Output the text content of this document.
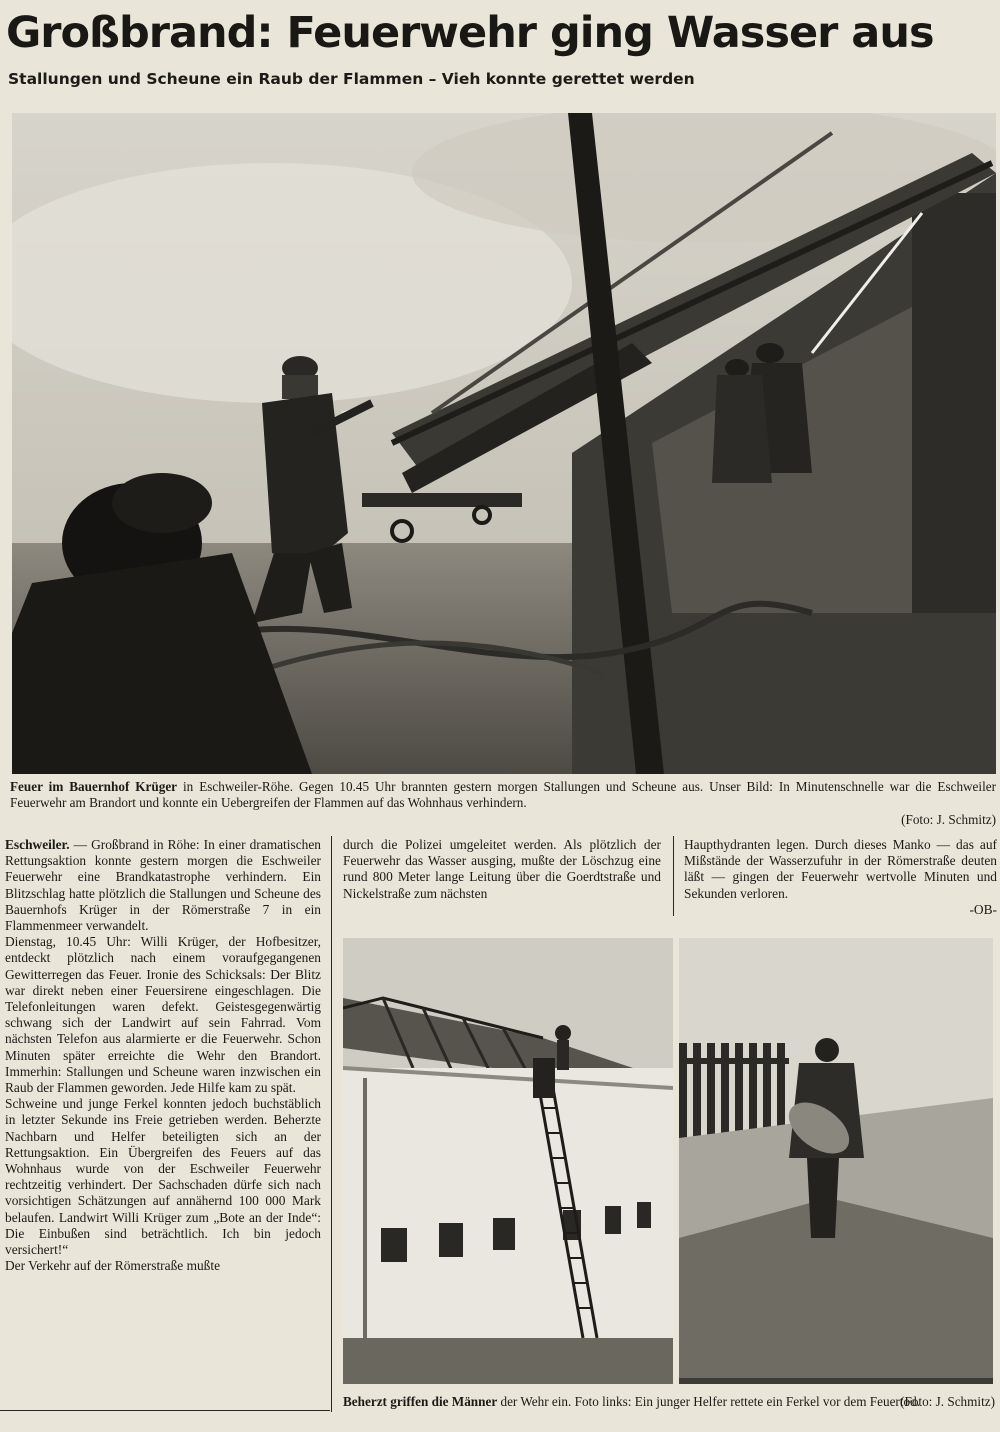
Großbrand: Feuerwehr ging Wasser aus
Stallungen und Scheune ein Raub der Flammen – Vieh konnte gerettet werden
Feuer im Bauernhof Krüger in Eschweiler-Röhe. Gegen 10.45 Uhr brannten gestern morgen Stallungen und Scheune aus. Unser Bild: In Minutenschnelle war die Eschweiler Feuerwehr am Brandort und konnte ein Uebergreifen der Flammen auf das Wohnhaus verhindern.
(Foto: J. Schmitz)

Eschweiler. — Großbrand in Röhe: In einer dramatischen Rettungsaktion konnte gestern morgen die Eschweiler Feuerwehr eine Brandkatastrophe verhindern. Ein Blitzschlag hatte plötzlich die Stallungen und Scheune des Bauernhofs Krüger in der Römerstraße 7 in ein Flammenmeer verwandelt.

Dienstag, 10.45 Uhr: Willi Krüger, der Hofbesitzer, entdeckt plötzlich nach einem voraufgegangenen Gewitterregen das Feuer. Ironie des Schicksals: Der Blitz war direkt neben einer Feuersirene eingeschlagen. Die Telefonleitungen waren defekt. Geistesgegenwärtig schwang sich der Landwirt auf sein Fahrrad. Vom nächsten Telefon aus alarmierte er die Feuerwehr. Schon Minuten später erreichte die Wehr den Brandort. Immerhin: Stallungen und Scheune waren inzwischen ein Raub der Flammen geworden. Jede Hilfe kam zu spät.

Schweine und junge Ferkel konnten jedoch buchstäblich in letzter Sekunde ins Freie getrieben werden. Beherzte Nachbarn und Helfer beteiligten sich an der Rettungsaktion. Ein Übergreifen des Feuers auf das Wohnhaus wurde von der Eschweiler Feuerwehr rechtzeitig verhindert. Der Sachschaden dürfe sich nach vorsichtigen Schätzungen auf annähernd 100 000 Mark belaufen. Landwirt Willi Krüger zum „Bote an der Inde“: Die Einbußen sind beträchtlich. Ich bin jedoch versichert!“

Der Verkehr auf der Römerstraße mußte

durch die Polizei umgeleitet werden. Als plötzlich der Feuerwehr das Wasser ausging, mußte der Löschzug eine rund 800 Meter lange Leitung über die Goerdtstraße und Nickelstraße zum nächsten

Haupthydranten legen. Durch dieses Manko — das auf Mißstände der Wasserzufuhr in der Römerstraße deuten läßt — gingen der Feuerwehr wertvolle Minuten und Sekunden verloren.

-OB-

Beherzt griffen die Männer der Wehr ein. Foto links: Ein junger Helfer rettete ein Ferkel vor dem Feuertod.
(Foto: J. Schmitz)
